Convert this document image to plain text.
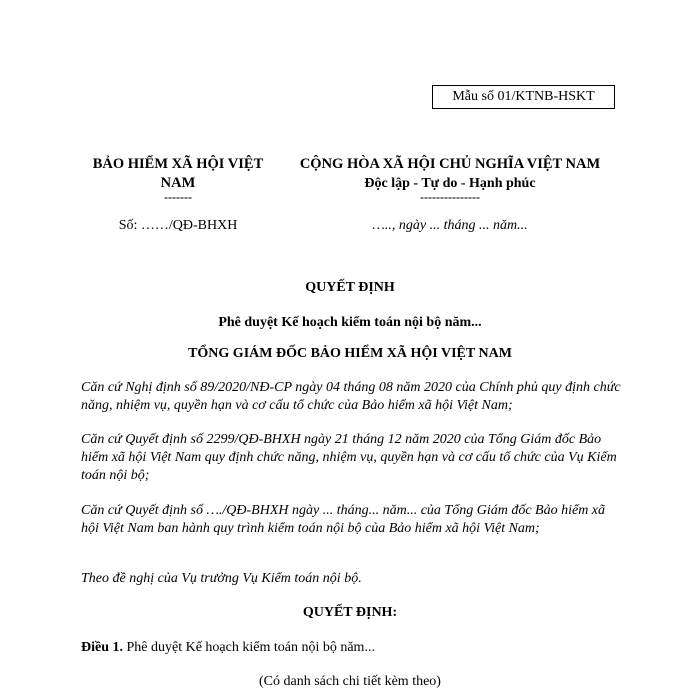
Mẫu số 01/KTNB-HSKT
BẢO HIỂM XÃ HỘI VIỆT NAM
-------
CỘNG HÒA XÃ HỘI CHỦ NGHĨA VIỆT NAM
Độc lập - Tự do - Hạnh phúc
---------------
Số: ……/QĐ-BHXH	….., ngày ... tháng ... năm...
QUYẾT ĐỊNH
Phê duyệt Kế hoạch kiểm toán nội bộ năm...
TỔNG GIÁM ĐỐC BẢO HIỂM XÃ HỘI VIỆT NAM
Căn cứ Nghị định số 89/2020/NĐ-CP ngày 04 tháng 08 năm 2020 của Chính phủ quy định chức năng, nhiệm vụ, quyền hạn và cơ cấu tổ chức của Bảo hiểm xã hội Việt Nam;
Căn cứ Quyết định số 2299/QĐ-BHXH ngày 21 tháng 12 năm 2020 của Tổng Giám đốc Bảo hiểm xã hội Việt Nam quy định chức năng, nhiệm vụ, quyền hạn và cơ cấu tổ chức của Vụ Kiểm toán nội bộ;
Căn cứ Quyết định số …./QĐ-BHXH ngày ... tháng... năm... của Tổng Giám đốc Bảo hiểm xã hội Việt Nam ban hành quy trình kiểm toán nội bộ của Bảo hiểm xã hội Việt Nam;
Theo đề nghị của Vụ trưởng Vụ Kiểm toán nội bộ.
QUYẾT ĐỊNH:
Điều 1. Phê duyệt Kế hoạch kiểm toán nội bộ năm...
(Có danh sách chi tiết kèm theo)
